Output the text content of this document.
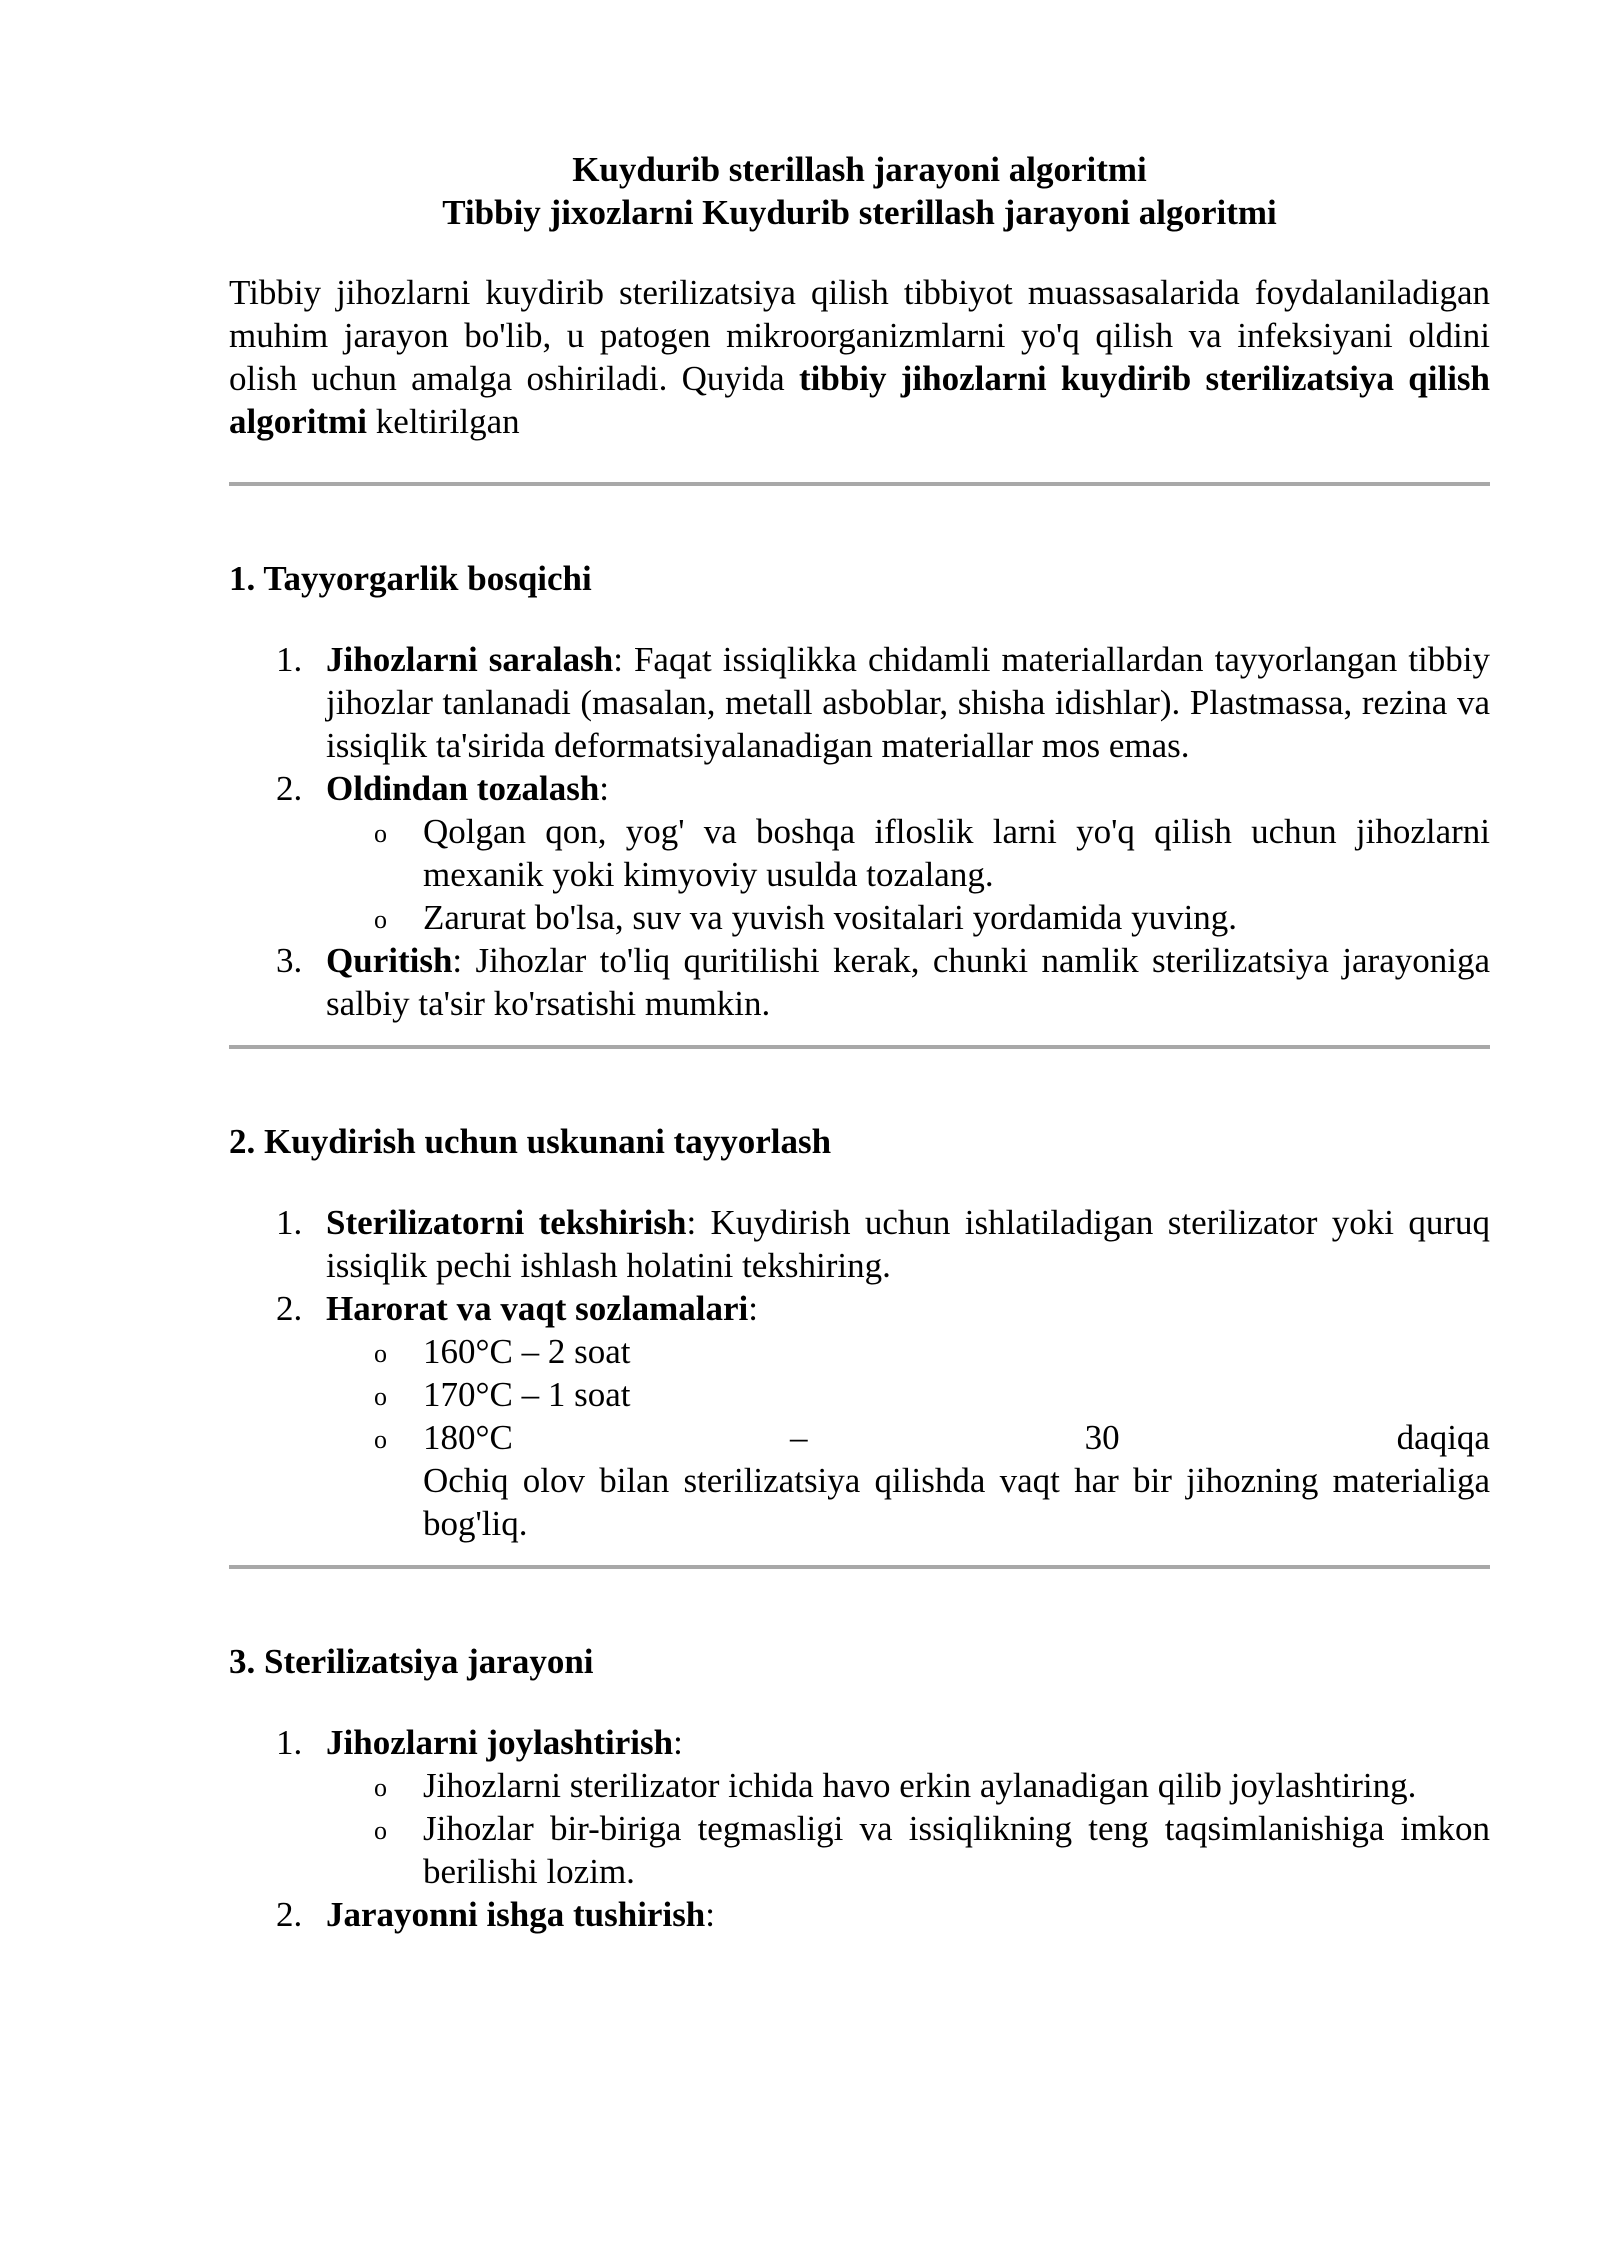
Kuydurib sterillash jarayoni algoritmi

Tibbiy jixozlarni Kuydurib sterillash jarayoni algoritmi

Tibbiy jihozlarni kuydirib sterilizatsiya qilish tibbiyot muassasalarida foydalaniladigan muhim jarayon bo'lib, u patogen mikroorganizmlarni yo'q qilish va infeksiyani oldini olish uchun amalga oshiriladi. Quyida tibbiy jihozlarni kuydirib sterilizatsiya qilish algoritmi keltirilgan

1. Tayyorgarlik bosqichi

1. Jihozlarni saralash: Faqat issiqlikka chidamli materiallardan tayyorlangan tibbiy jihozlar tanlanadi (masalan, metall asboblar, shisha idishlar). Plastmassa, rezina va issiqlik ta'sirida deformatsiyalanadigan materiallar mos emas.
2. Oldindan tozalash:
o Qolgan qon, yog' va boshqa ifloslik larni yo'q qilish uchun jihozlarni mexanik yoki kimyoviy usulda tozalang.
o Zarurat bo'lsa, suv va yuvish vositalari yordamida yuving.
3. Quritish: Jihozlar to'liq quritilishi kerak, chunki namlik sterilizatsiya jarayoniga salbiy ta'sir ko'rsatishi mumkin.

2. Kuydirish uchun uskunani tayyorlash

1. Sterilizatorni tekshirish: Kuydirish uchun ishlatiladigan sterilizator yoki quruq issiqlik pechi ishlash holatini tekshiring.
2. Harorat va vaqt sozlamalari:
o 160°C – 2 soat
o 170°C – 1 soat
o 180°C	–	30	daqiqa
Ochiq olov bilan sterilizatsiya qilishda vaqt har bir jihozning materialiga bog'liq.

3. Sterilizatsiya jarayoni

1. Jihozlarni joylashtirish:
o Jihozlarni sterilizator ichida havo erkin aylanadigan qilib joylashtiring.
o Jihozlar bir-biriga tegmasligi va issiqlikning teng taqsimlanishiga imkon berilishi lozim.
2. Jarayonni ishga tushirish:
